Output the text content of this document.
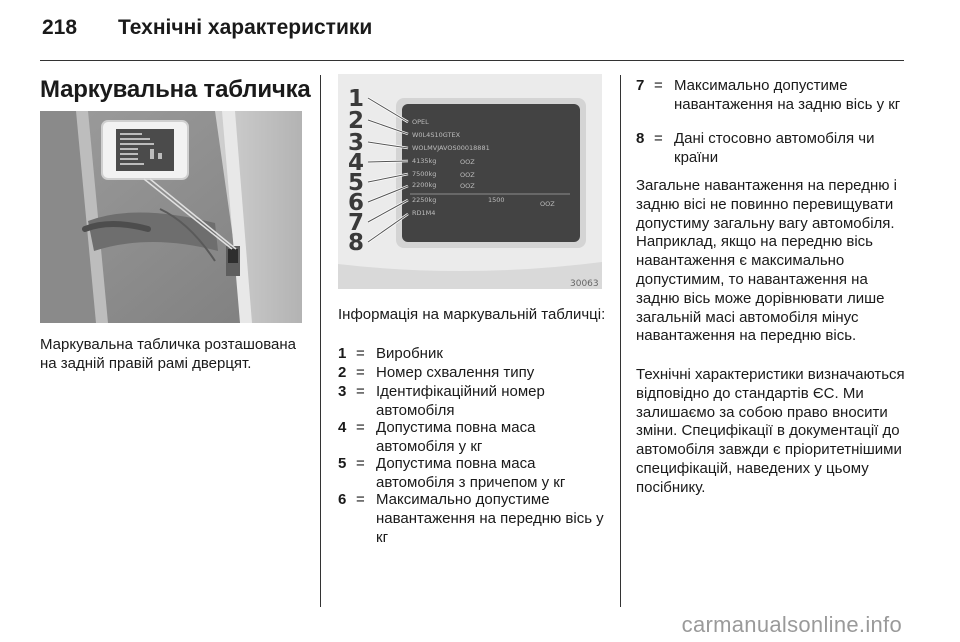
218 Технічні характеристики
Маркувальна табличка
Маркувальна табличка розташована на задній правій рамі дверцят.
OPEL
W0L4S10GTEX
WOLMVJAVOS00018881
4135kg
7500kg
2200kg
2250kg
RD1M4
OOZ
OOZ
OOZ
1500	OOZ
1
2
3
4
5
6
7
8
30063
Інформація на маркувальній табличці:
1 = Виробник
2 = Номер схвалення типу
3 = Ідентифікаційний номер автомобіля
4 = Допустима повна маса автомобіля у кг
5 = Допустима повна маса автомобіля з причепом у кг
6 = Максимально допустиме навантаження на передню вісь у кг
7 = Максимально допустиме навантаження на задню вісь у кг
8 = Дані стосовно автомобіля чи країни
Загальне навантаження на передню і задню вісі не повинно перевищувати допустиму загальну вагу автомобіля. Наприклад, якщо на передню вісь навантаження є максимально допустимим, то навантаження на задню вісь може дорівнювати лише загальній масі автомобіля мінус навантаження на передню вісь.
Технічні характеристики визначаються відповідно до стандартів ЄС. Ми залишаємо за собою право вносити зміни. Специфікації в документації до автомобіля завжди є пріоритетнішими специфікацій, наведених у цьому посібнику.
carmanualsonline.info
